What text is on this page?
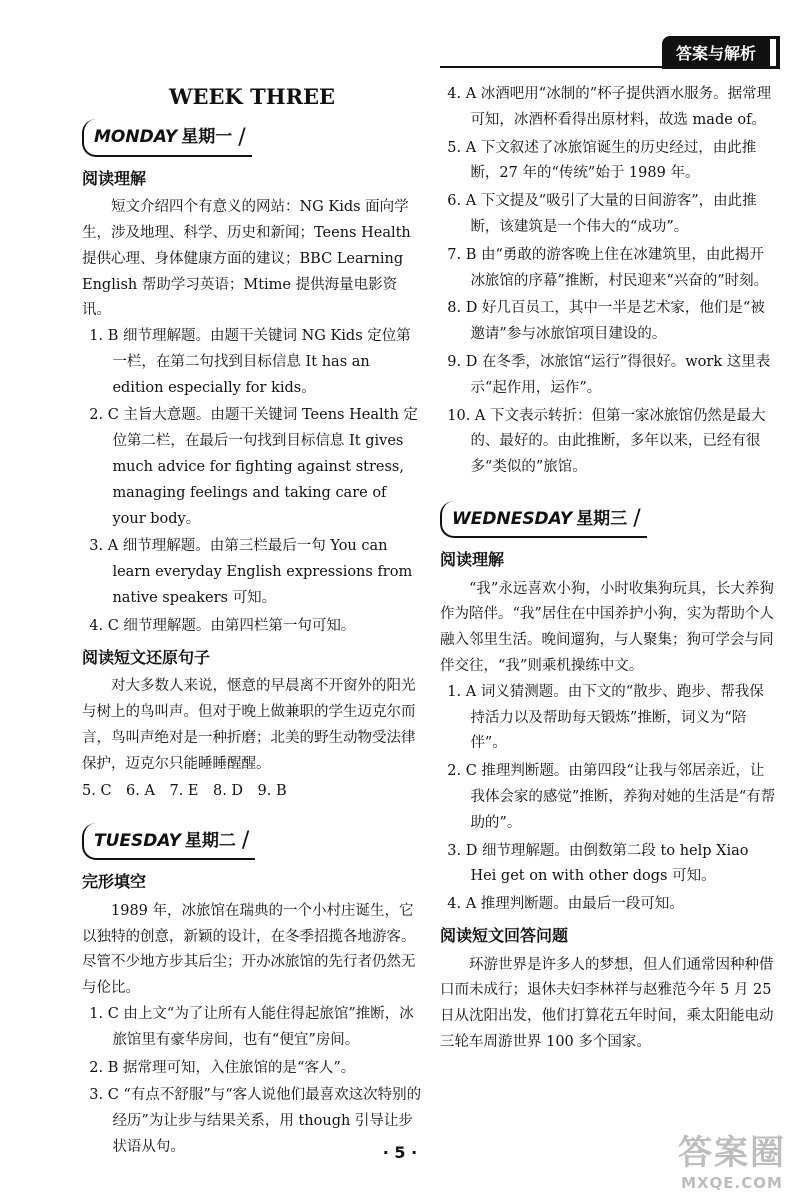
答案与解析
WEEK THREE
MONDAY 星期一 /
阅读理解

短文介绍四个有意义的网站：NG Kids 面向学生，涉及地理、科学、历史和新闻；Teens Health 提供心理、身体健康方面的建议；BBC Learning English 帮助学习英语；Mtime 提供海量电影资讯。

1. B 细节理解题。由题干关键词 NG Kids 定位第一栏，在第二句找到目标信息 It has an edition especially for kids。
2. C 主旨大意题。由题干关键词 Teens Health 定位第二栏，在最后一句找到目标信息 It gives much advice for fighting against stress, managing feelings and taking care of your body。
3. A 细节理解题。由第三栏最后一句 You can learn everyday English expressions from native speakers 可知。
4. C 细节理解题。由第四栏第一句可知。
阅读短文还原句子

对大多数人来说，惬意的早晨离不开窗外的阳光与树上的鸟叫声。但对于晚上做兼职的学生迈克尔而言，鸟叫声绝对是一种折磨；北美的野生动物受法律保护，迈克尔只能睡睡醒醒。

5. C　6. A　7. E　8. D　9. B
TUESDAY 星期二 /
完形填空

1989 年，冰旅馆在瑞典的一个小村庄诞生，它以独特的创意，新颖的设计，在冬季招揽各地游客。尽管不少地方步其后尘；开办冰旅馆的先行者仍然无与伦比。

1. C 由上文“为了让所有人能住得起旅馆”推断，冰旅馆里有豪华房间，也有“便宜”房间。
2. B 据常理可知，入住旅馆的是“客人”。
3. C “有点不舒服”与“客人说他们最喜欢这次特别的经历”为让步与结果关系，用 though 引导让步状语从句。
4. A 冰酒吧用“冰制的”杯子提供酒水服务。据常理可知，冰酒杯看得出原材料，故选 made of。
5. A 下文叙述了冰旅馆诞生的历史经过，由此推断，27 年的“传统”始于 1989 年。
6. A 下文提及“吸引了大量的日间游客”，由此推断，该建筑是一个伟大的“成功”。
7. B 由“勇敢的游客晚上住在冰建筑里，由此揭开冰旅馆的序幕”推断，村民迎来“兴奋的”时刻。
8. D 好几百员工，其中一半是艺术家，他们是“被邀请”参与冰旅馆项目建设的。
9. D 在冬季，冰旅馆“运行”得很好。work 这里表示“起作用，运作”。
10. A 下文表示转折：但第一家冰旅馆仍然是最大的、最好的。由此推断，多年以来，已经有很多“类似的”旅馆。
WEDNESDAY 星期三 /
阅读理解

“我”永远喜欢小狗，小时收集狗玩具，长大养狗作为陪伴。“我”居住在中国养护小狗，实为帮助个人融入邻里生活。晚间遛狗，与人聚集；狗可学会与同伴交往，“我”则乘机操练中文。

1. A 词义猜测题。由下文的“散步、跑步、帮我保持活力以及帮助每天锻炼”推断，词义为“陪伴”。
2. C 推理判断题。由第四段“让我与邻居亲近，让我体会家的感觉”推断，养狗对她的生活是“有帮助的”。
3. D 细节理解题。由倒数第二段 to help Xiao Hei get on with other dogs 可知。
4. A 推理判断题。由最后一段可知。
阅读短文回答问题

环游世界是许多人的梦想，但人们通常因种种借口而未成行；退休夫妇李林祥与赵雅范今年 5 月 25 日从沈阳出发，他们打算花五年时间，乘太阳能电动三轮车周游世界 100 多个国家。

· 5 ·	答案圈
MXQE.COM
